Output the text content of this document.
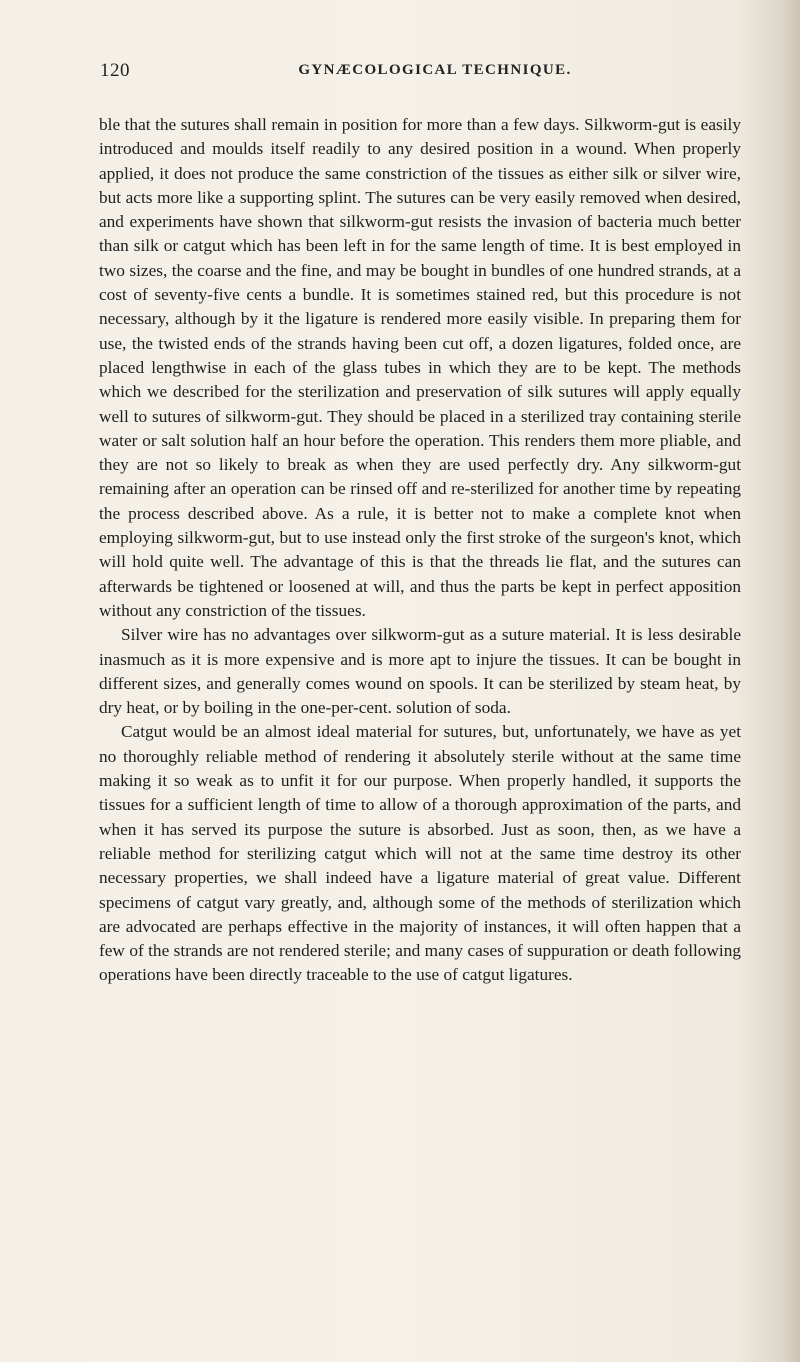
120	GYNÆCOLOGICAL TECHNIQUE.

ble that the sutures shall remain in position for more than a few days. Silkworm-gut is easily introduced and moulds itself readily to any desired position in a wound. When properly applied, it does not produce the same constriction of the tissues as either silk or silver wire, but acts more like a supporting splint. The sutures can be very easily removed when desired, and experiments have shown that silkworm-gut resists the invasion of bacteria much better than silk or catgut which has been left in for the same length of time. It is best employed in two sizes, the coarse and the fine, and may be bought in bundles of one hundred strands, at a cost of seventy-five cents a bundle. It is sometimes stained red, but this procedure is not necessary, although by it the ligature is rendered more easily visible. In preparing them for use, the twisted ends of the strands having been cut off, a dozen ligatures, folded once, are placed lengthwise in each of the glass tubes in which they are to be kept. The methods which we described for the sterilization and preservation of silk sutures will apply equally well to sutures of silkworm-gut. They should be placed in a sterilized tray containing sterile water or salt solution half an hour before the operation. This renders them more pliable, and they are not so likely to break as when they are used perfectly dry. Any silkworm-gut remaining after an operation can be rinsed off and re-sterilized for another time by repeating the process described above. As a rule, it is better not to make a complete knot when employing silkworm-gut, but to use instead only the first stroke of the surgeon's knot, which will hold quite well. The advantage of this is that the threads lie flat, and the sutures can afterwards be tightened or loosened at will, and thus the parts be kept in perfect apposition without any constriction of the tissues.

Silver wire has no advantages over silkworm-gut as a suture material. It is less desirable inasmuch as it is more expensive and is more apt to injure the tissues. It can be bought in different sizes, and generally comes wound on spools. It can be sterilized by steam heat, by dry heat, or by boiling in the one-per-cent. solution of soda.

Catgut would be an almost ideal material for sutures, but, unfortunately, we have as yet no thoroughly reliable method of rendering it absolutely sterile without at the same time making it so weak as to unfit it for our purpose. When properly handled, it supports the tissues for a sufficient length of time to allow of a thorough approximation of the parts, and when it has served its purpose the suture is absorbed. Just as soon, then, as we have a reliable method for sterilizing catgut which will not at the same time destroy its other necessary properties, we shall indeed have a ligature material of great value. Different specimens of catgut vary greatly, and, although some of the methods of sterilization which are advocated are perhaps effective in the majority of instances, it will often happen that a few of the strands are not rendered sterile; and many cases of suppuration or death following operations have been directly traceable to the use of catgut ligatures.
